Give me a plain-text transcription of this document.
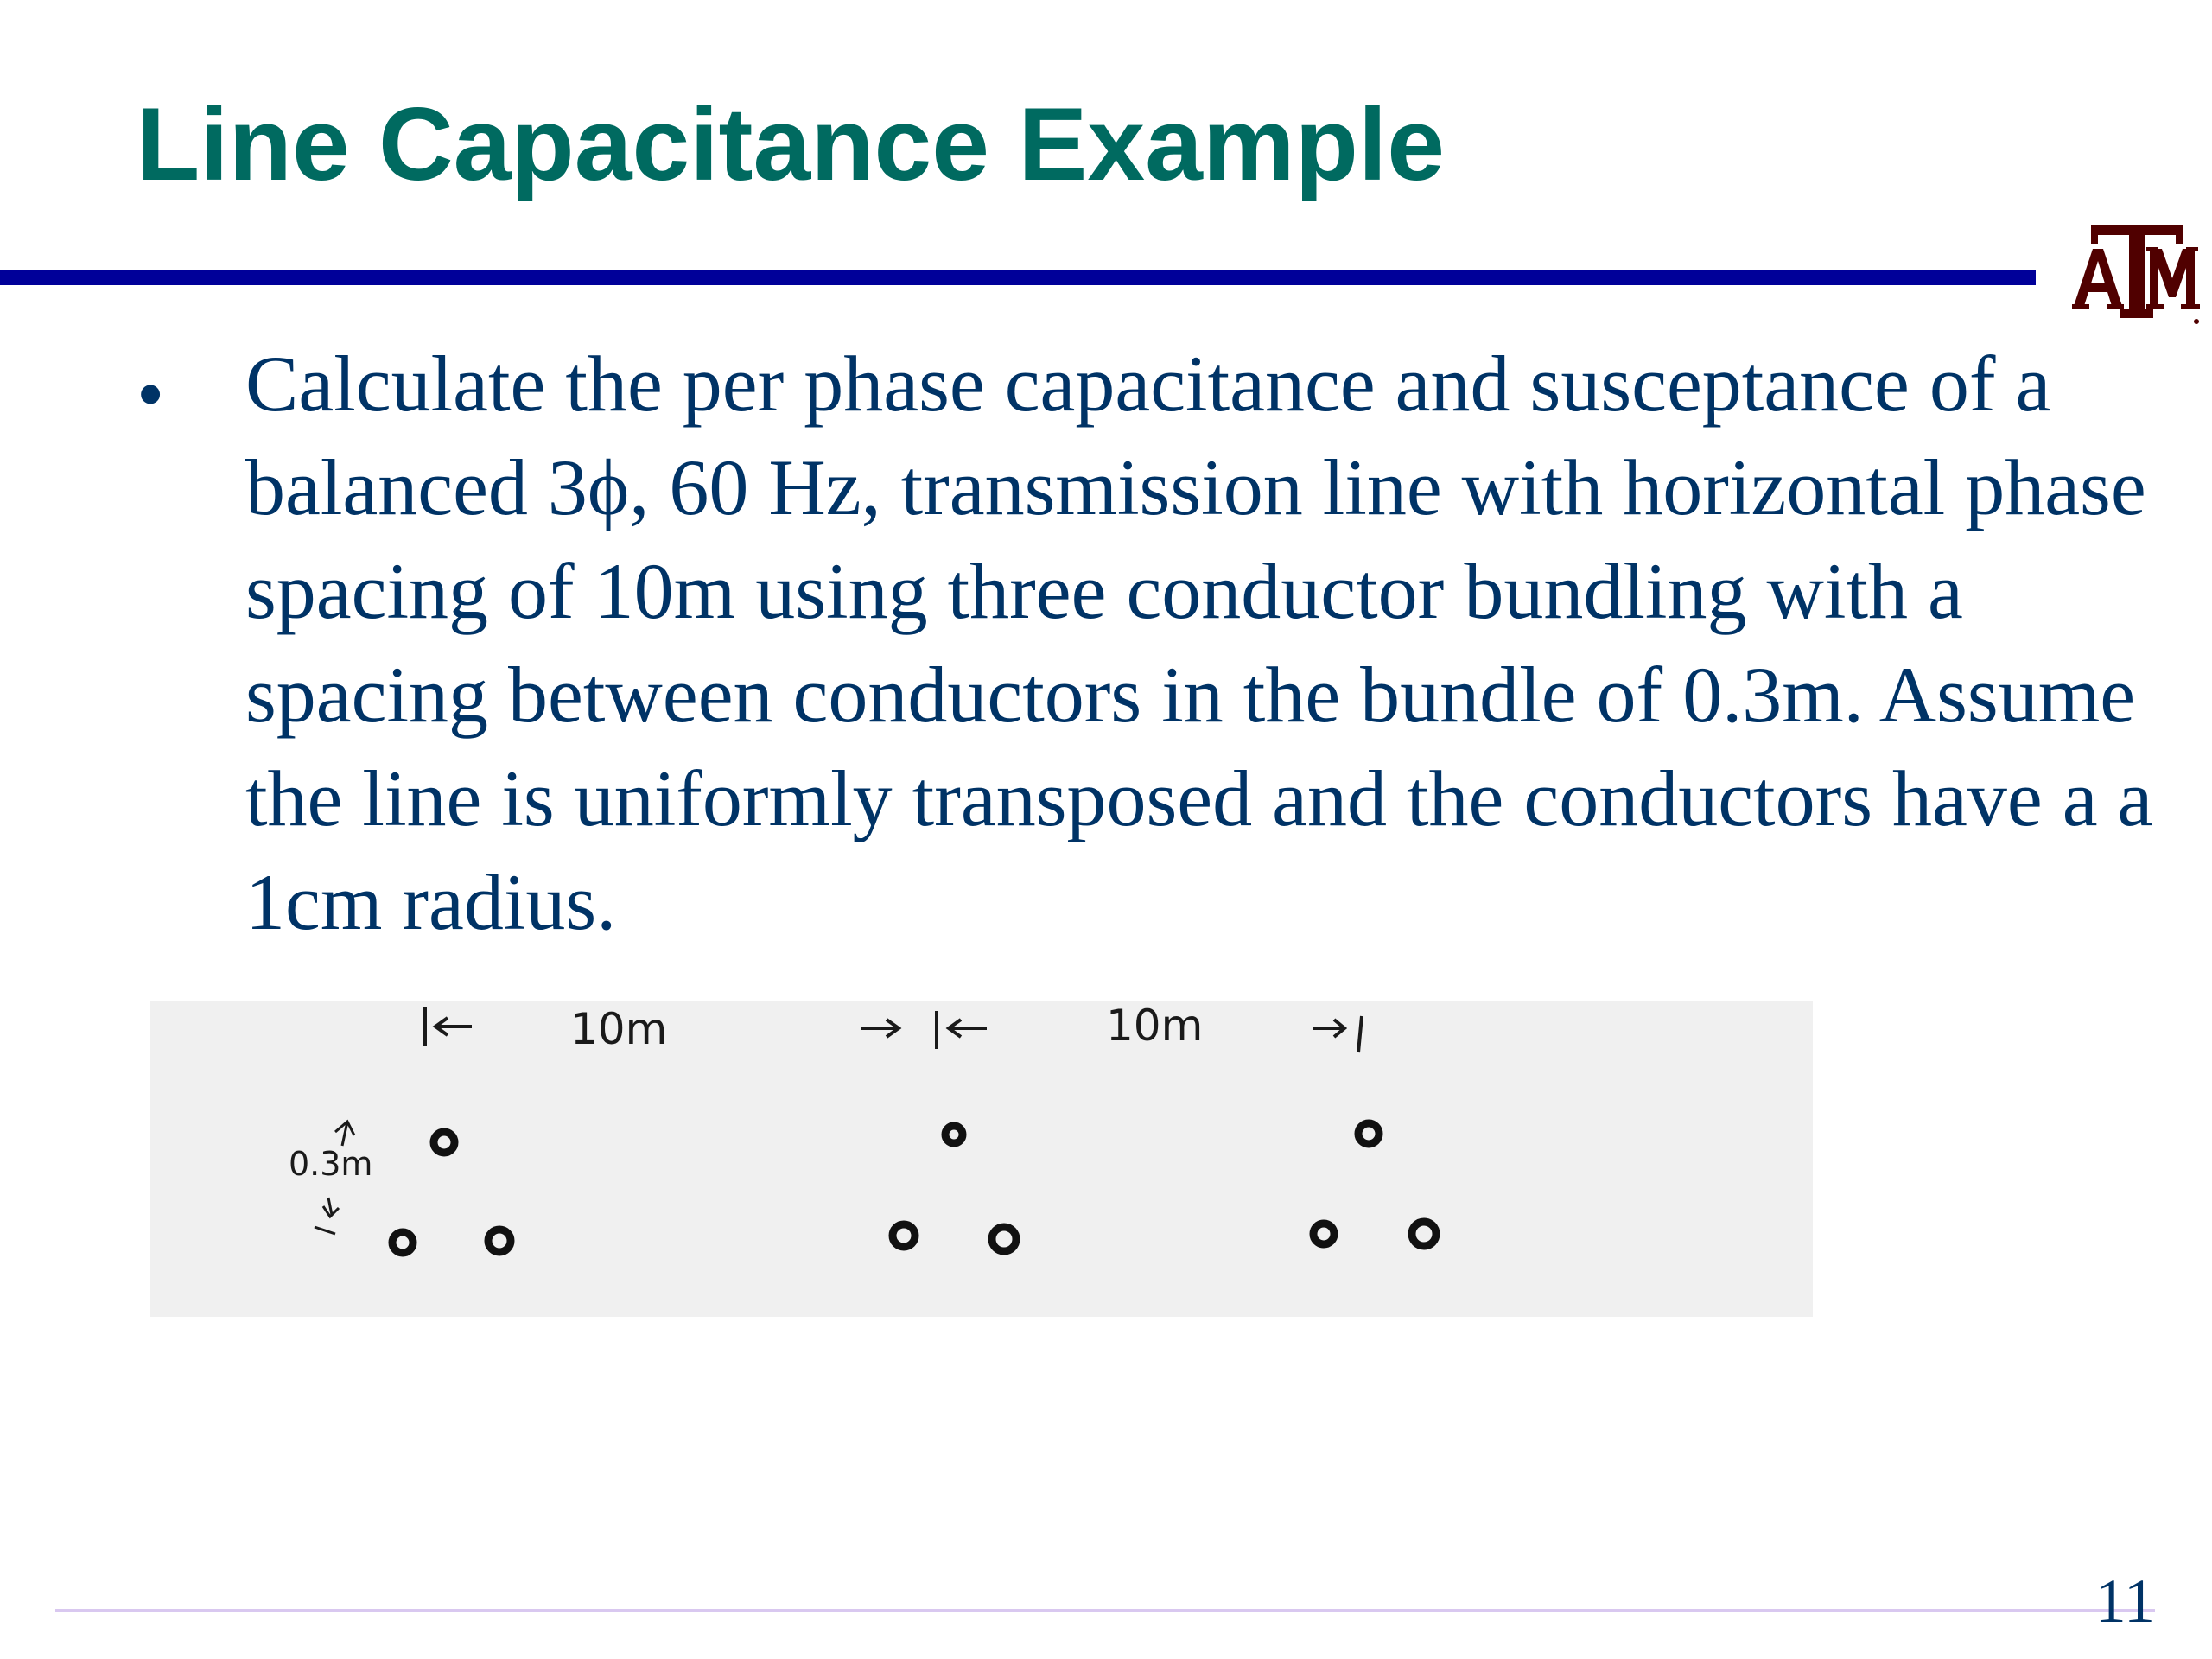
Line Capacitance Example
• Calculate the per phase capacitance and susceptance of a balanced 3ϕ, 60 Hz, transmission line with horizontal phase spacing of 10m using three conductor bundling with a spacing between conductors in the bundle of 0.3m. Assume the line is uniformly transposed and the conductors have a a 1cm radius.

10m	10m
0.3m
11
